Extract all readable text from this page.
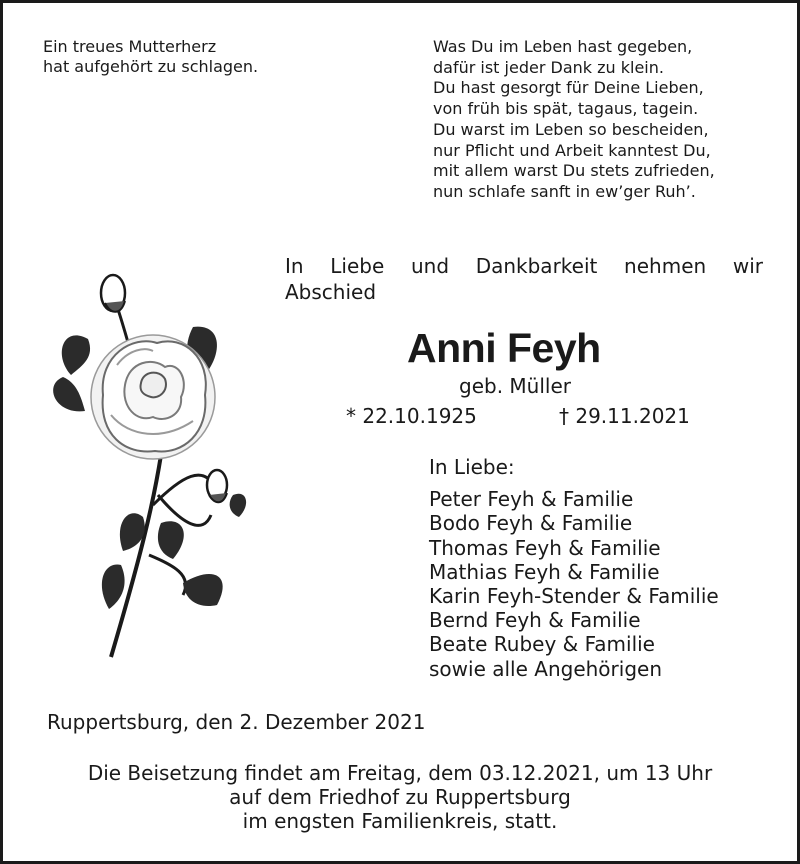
Ein treues Mutterherz
hat aufgehört zu schlagen.
Was Du im Leben hast gegeben,
dafür ist jeder Dank zu klein.
Du hast gesorgt für Deine Lieben,
von früh bis spät, tagaus, tagein.
Du warst im Leben so bescheiden,
nur Pflicht und Arbeit kanntest Du,
mit allem warst Du stets zufrieden,
nun schlafe sanft in ew’ger Ruh’.
In Liebe und Dankbarkeit nehmen wir Abschied
Anni Feyh
geb. Müller
* 22.10.1925	† 29.11.2021
In Liebe:
Peter Feyh & Familie
Bodo Feyh & Familie
Thomas Feyh & Familie
Mathias Feyh & Familie
Karin Feyh-Stender & Familie
Bernd Feyh & Familie
Beate Rubey & Familie
sowie alle Angehörigen
Ruppertsburg, den 2. Dezember 2021
Die Beisetzung findet am Freitag, dem 03.12.2021, um 13 Uhr
auf dem Friedhof zu Ruppertsburg
im engsten Familienkreis, statt.
